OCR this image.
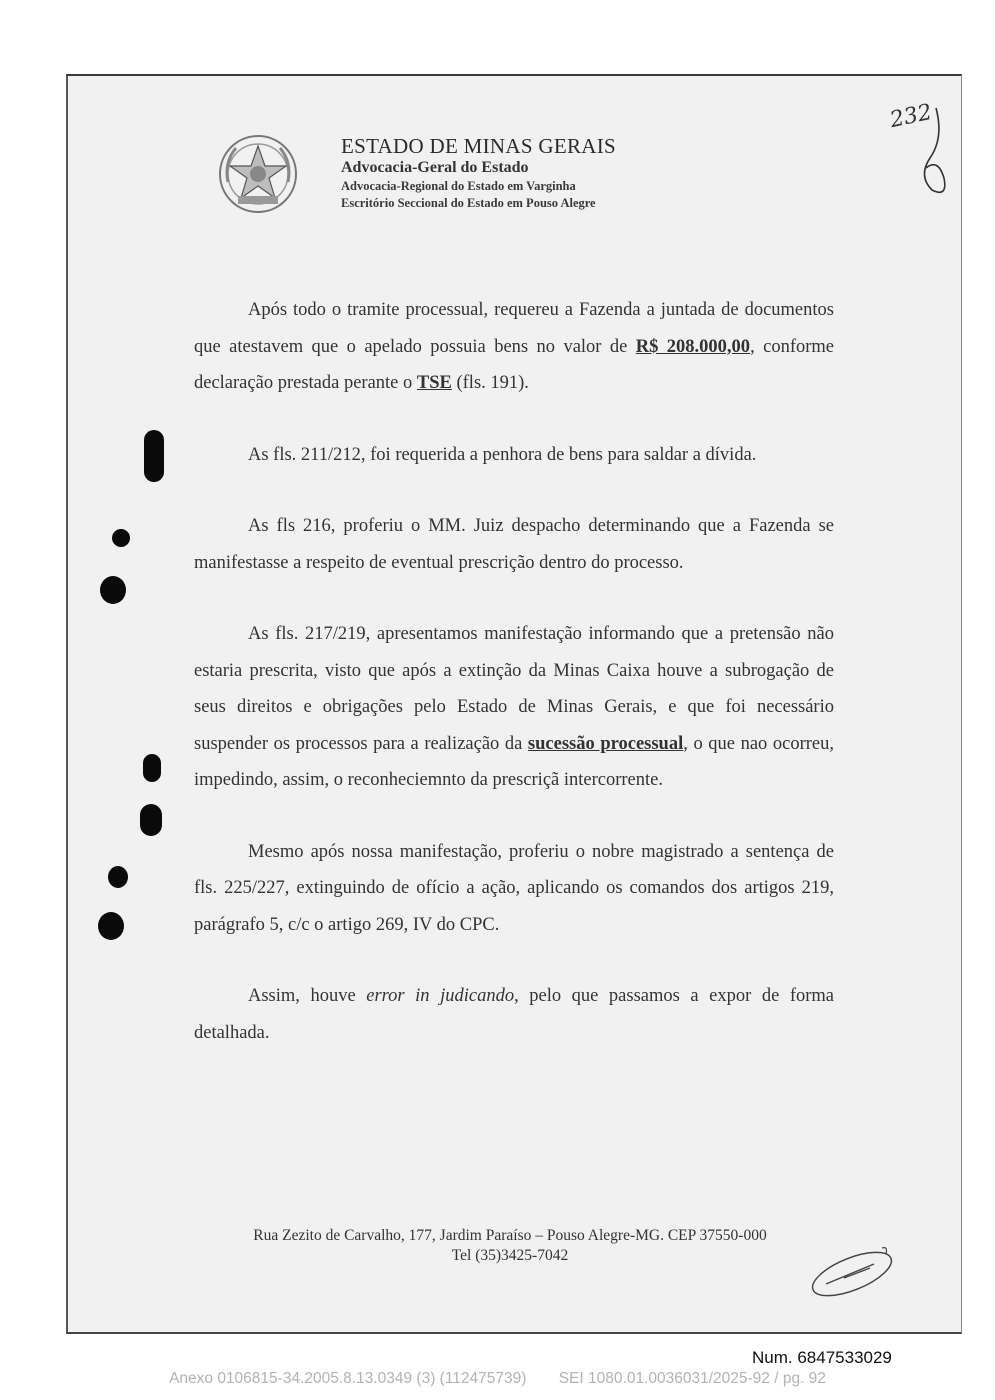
ESTADO DE MINAS GERAIS
Advocacia-Geral do Estado
Advocacia-Regional do Estado em Varginha
Escritório Seccional do Estado em Pouso Alegre
232

Após todo o tramite processual, requereu a Fazenda a juntada de documentos que atestavem que o apelado possuia bens no valor de R$ 208.000,00, conforme declaração prestada perante o TSE (fls. 191).

As fls. 211/212, foi requerida a penhora de bens para saldar a dívida.

As fls 216, proferiu o MM. Juiz despacho determinando que a Fazenda se manifestasse a respeito de eventual prescrição dentro do processo.

As fls. 217/219, apresentamos manifestação informando que a pretensão não estaria prescrita, visto que após a extinção da Minas Caixa houve a subrogação de seus direitos e obrigações pelo Estado de Minas Gerais, e que foi necessário suspender os processos para a realização da sucessão processual, o que nao ocorreu, impedindo, assim, o reconheciemnto da prescriçã intercorrente.

Mesmo após nossa manifestação, proferiu o nobre magistrado a sentença de fls. 225/227, extinguindo de ofício a ação, aplicando os comandos dos artigos 219, parágrafo 5, c/c o artigo 269, IV do CPC.

Assim, houve error in judicando, pelo que passamos a expor de forma detalhada.

Rua Zezito de Carvalho, 177, Jardim Paraíso – Pouso Alegre-MG. CEP 37550-000
Tel (35)3425-7042
Num. 6847533029
Anexo 0106815-34.2005.8.13.0349 (3) (112475739) SEI 1080.01.0036031/2025-92 / pg. 92
